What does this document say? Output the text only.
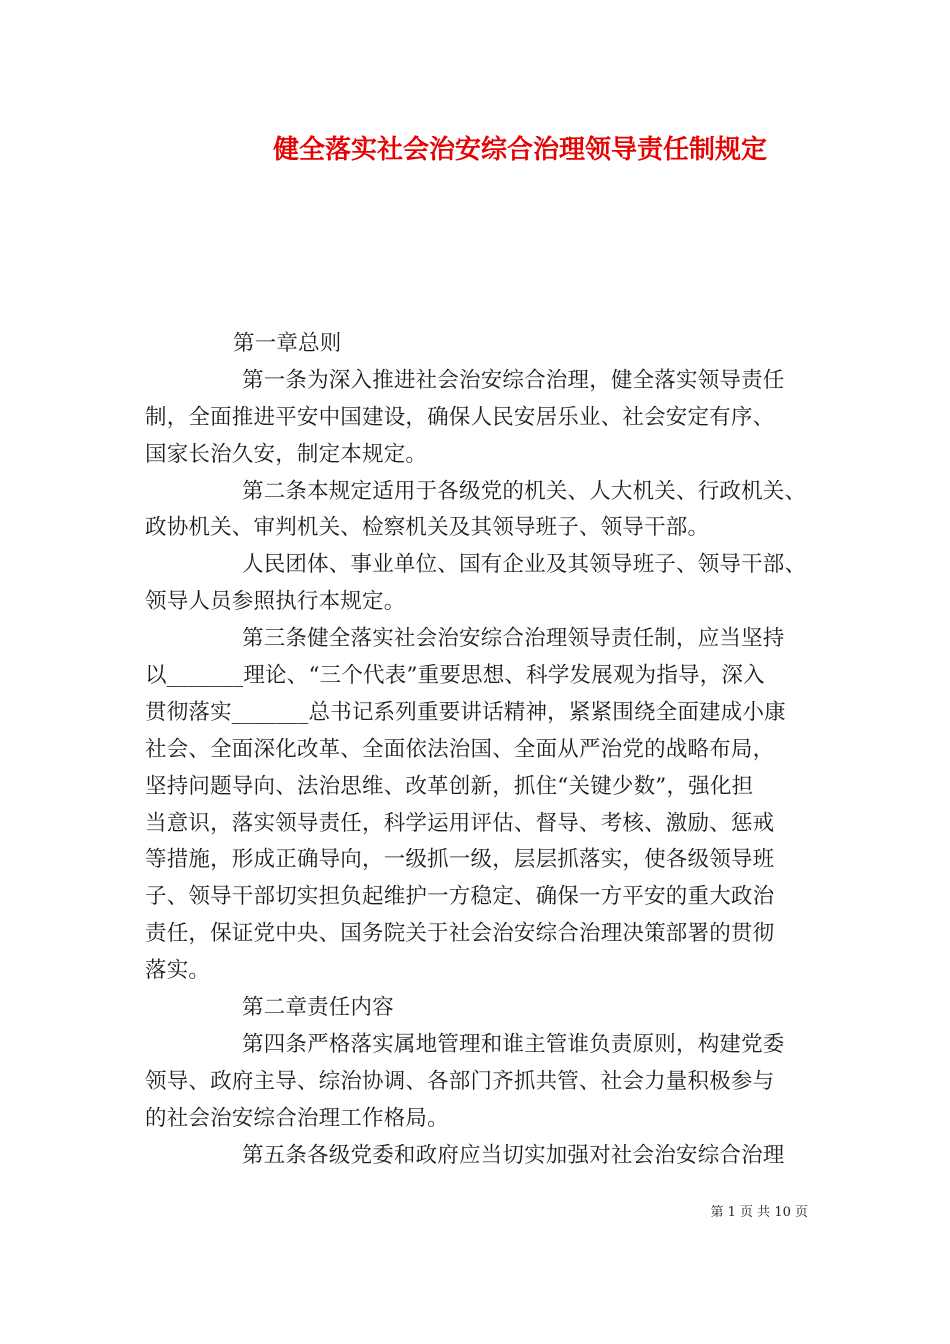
健全落实社会治安综合治理领导责任制规定
第一章总则
第一条为深入推进社会治安综合治理，健全落实领导责任
制，全面推进平安中国建设，确保人民安居乐业、社会安定有序、
国家长治久安，制定本规定。
第二条本规定适用于各级党的机关、人大机关、行政机关、
政协机关、审判机关、检察机关及其领导班子、领导干部。
人民团体、事业单位、国有企业及其领导班子、领导干部、
领导人员参照执行本规定。
第三条健全落实社会治安综合治理领导责任制，应当坚持
以_______理论、“三个代表”重要思想、科学发展观为指导，深入
贯彻落实_______总书记系列重要讲话精神，紧紧围绕全面建成小康
社会、全面深化改革、全面依法治国、全面从严治党的战略布局，
坚持问题导向、法治思维、改革创新，抓住“关键少数”，强化担
当意识，落实领导责任，科学运用评估、督导、考核、激励、惩戒
等措施，形成正确导向，一级抓一级，层层抓落实，使各级领导班
子、领导干部切实担负起维护一方稳定、确保一方平安的重大政治
责任，保证党中央、国务院关于社会治安综合治理决策部署的贯彻
落实。
第二章责任内容
第四条严格落实属地管理和谁主管谁负责原则，构建党委
领导、政府主导、综治协调、各部门齐抓共管、社会力量积极参与
的社会治安综合治理工作格局。
第五条各级党委和政府应当切实加强对社会治安综合治理
第 1 页 共 10 页
